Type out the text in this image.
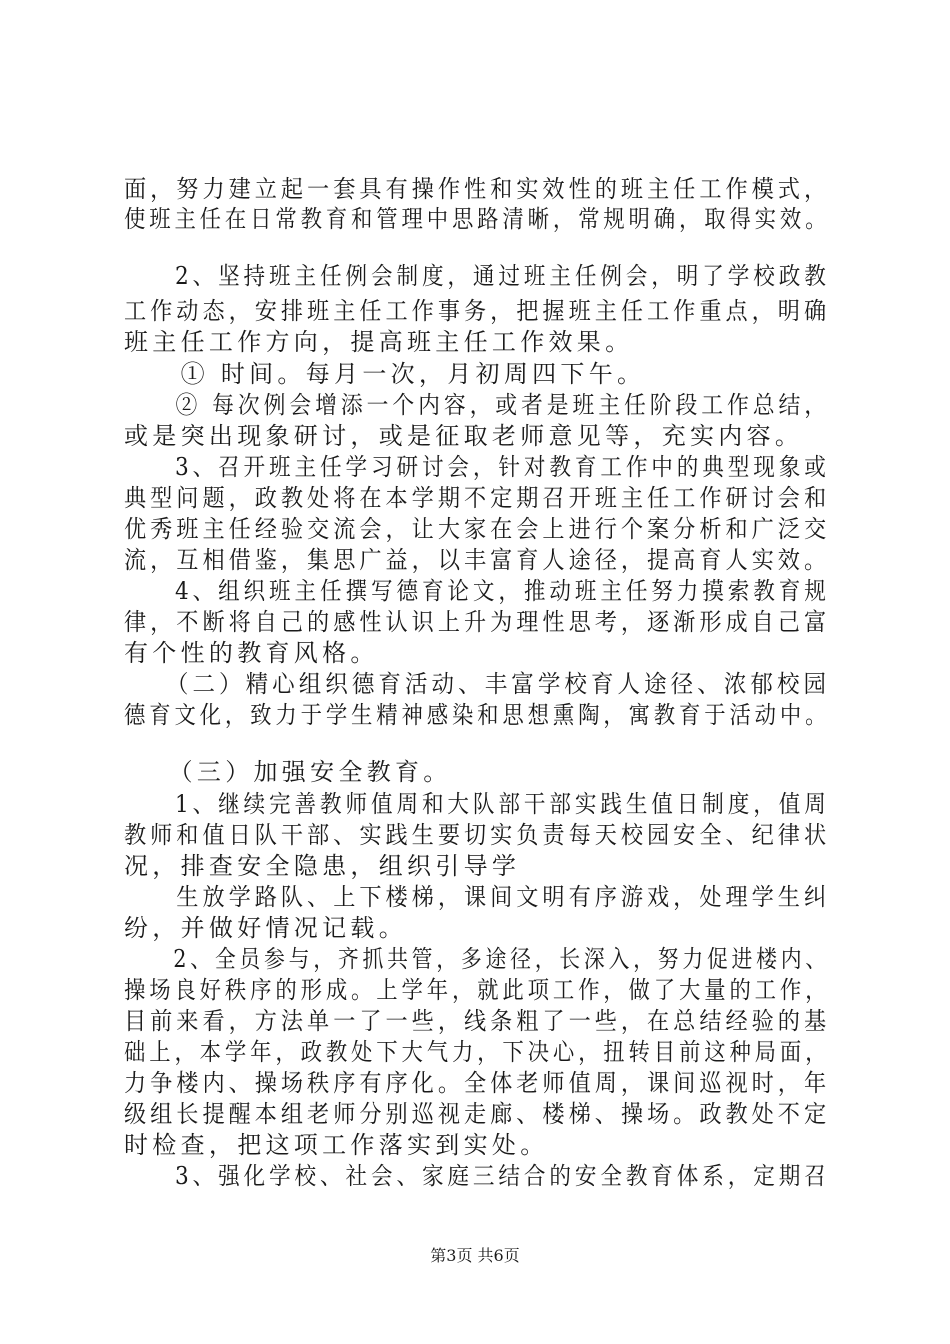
面，努力建立起一套具有操作性和实效性的班主任工作模式，
使班主任在日常教育和管理中思路清晰，常规明确，取得实效。
　　2、坚持班主任例会制度，通过班主任例会，明了学校政教
工作动态，安排班主任工作事务，把握班主任工作重点，明确
班主任工作方向，提高班主任工作效果。
　　① 时间。每月一次，月初周四下午。
　　② 每次例会增添一个内容，或者是班主任阶段工作总结，
或是突出现象研讨，或是征取老师意见等，充实内容。
　　3、召开班主任学习研讨会，针对教育工作中的典型现象或
典型问题，政教处将在本学期不定期召开班主任工作研讨会和
优秀班主任经验交流会，让大家在会上进行个案分析和广泛交
流，互相借鉴，集思广益，以丰富育人途径，提高育人实效。
　　4、组织班主任撰写德育论文，推动班主任努力摸索教育规
律，不断将自己的感性认识上升为理性思考，逐渐形成自己富
有个性的教育风格。
　　（二）精心组织德育活动、丰富学校育人途径、浓郁校园
德育文化，致力于学生精神感染和思想熏陶，寓教育于活动中。
　　（三）加强安全教育。
　　1、继续完善教师值周和大队部干部实践生值日制度，值周
教师和值日队干部、实践生要切实负责每天校园安全、纪律状
况，排查安全隐患，组织引导学
　　生放学路队、上下楼梯，课间文明有序游戏，处理学生纠
纷，并做好情况记载。
　　2、全员参与，齐抓共管，多途径，长深入，努力促进楼内、
操场良好秩序的形成。上学年，就此项工作，做了大量的工作，
目前来看，方法单一了一些，线条粗了一些，在总结经验的基
础上，本学年，政教处下大气力，下决心，扭转目前这种局面，
力争楼内、操场秩序有序化。全体老师值周，课间巡视时，年
级组长提醒本组老师分别巡视走廊、楼梯、操场。政教处不定
时检查，把这项工作落实到实处。
　　3、强化学校、社会、家庭三结合的安全教育体系，定期召
第3页 共6页
